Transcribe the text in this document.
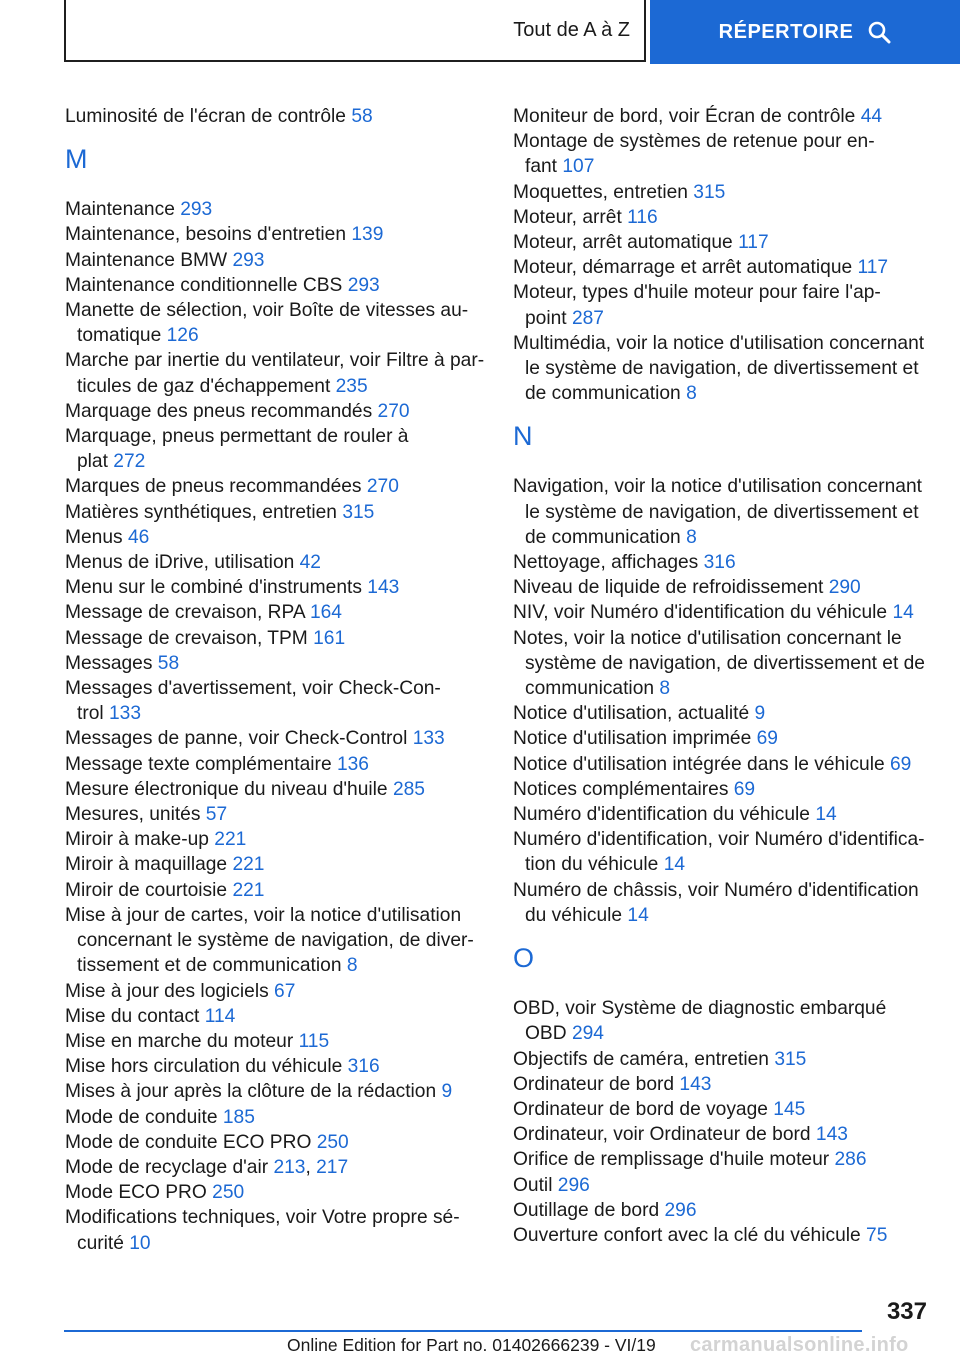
Tout de A à Z	RÉPERTOIRE
Luminosité de l'écran de contrôle 58
M
Maintenance 293
Maintenance, besoins d'entretien 139
Maintenance BMW 293
Maintenance conditionnelle CBS 293
Manette de sélection, voir Boîte de vitesses au-
tomatique 126
Marche par inertie du ventilateur, voir Filtre à par-
ticules de gaz d'échappement 235
Marquage des pneus recommandés 270
Marquage, pneus permettant de rouler à
plat 272
Marques de pneus recommandées 270
Matières synthétiques, entretien 315
Menus 46
Menus de iDrive, utilisation 42
Menu sur le combiné d'instruments 143
Message de crevaison, RPA 164
Message de crevaison, TPM 161
Messages 58
Messages d'avertissement, voir Check-Con-
trol 133
Messages de panne, voir Check-Control 133
Message texte complémentaire 136
Mesure électronique du niveau d'huile 285
Mesures, unités 57
Miroir à make-up 221
Miroir à maquillage 221
Miroir de courtoisie 221
Mise à jour de cartes, voir la notice d'utilisation
concernant le système de navigation, de diver-
tissement et de communication 8
Mise à jour des logiciels 67
Mise du contact 114
Mise en marche du moteur 115
Mise hors circulation du véhicule 316
Mises à jour après la clôture de la rédaction 9
Mode de conduite 185
Mode de conduite ECO PRO 250
Mode de recyclage d'air 213, 217
Mode ECO PRO 250
Modifications techniques, voir Votre propre sé-
curité 10
Moniteur de bord, voir Écran de contrôle 44
Montage de systèmes de retenue pour en-
fant 107
Moquettes, entretien 315
Moteur, arrêt 116
Moteur, arrêt automatique 117
Moteur, démarrage et arrêt automatique 117
Moteur, types d'huile moteur pour faire l'ap-
point 287
Multimédia, voir la notice d'utilisation concernant
le système de navigation, de divertissement et
de communication 8
N
Navigation, voir la notice d'utilisation concernant
le système de navigation, de divertissement et
de communication 8
Nettoyage, affichages 316
Niveau de liquide de refroidissement 290
NIV, voir Numéro d'identification du véhicule 14
Notes, voir la notice d'utilisation concernant le
système de navigation, de divertissement et de
communication 8
Notice d'utilisation, actualité 9
Notice d'utilisation imprimée 69
Notice d'utilisation intégrée dans le véhicule 69
Notices complémentaires 69
Numéro d'identification du véhicule 14
Numéro d'identification, voir Numéro d'identifica-
tion du véhicule 14
Numéro de châssis, voir Numéro d'identification
du véhicule 14
O
OBD, voir Système de diagnostic embarqué
OBD 294
Objectifs de caméra, entretien 315
Ordinateur de bord 143
Ordinateur de bord de voyage 145
Ordinateur, voir Ordinateur de bord 143
Orifice de remplissage d'huile moteur 286
Outil 296
Outillage de bord 296
Ouverture confort avec la clé du véhicule 75
337
Online Edition for Part no. 01402666239 - VI/19 carmanualsonline.info
